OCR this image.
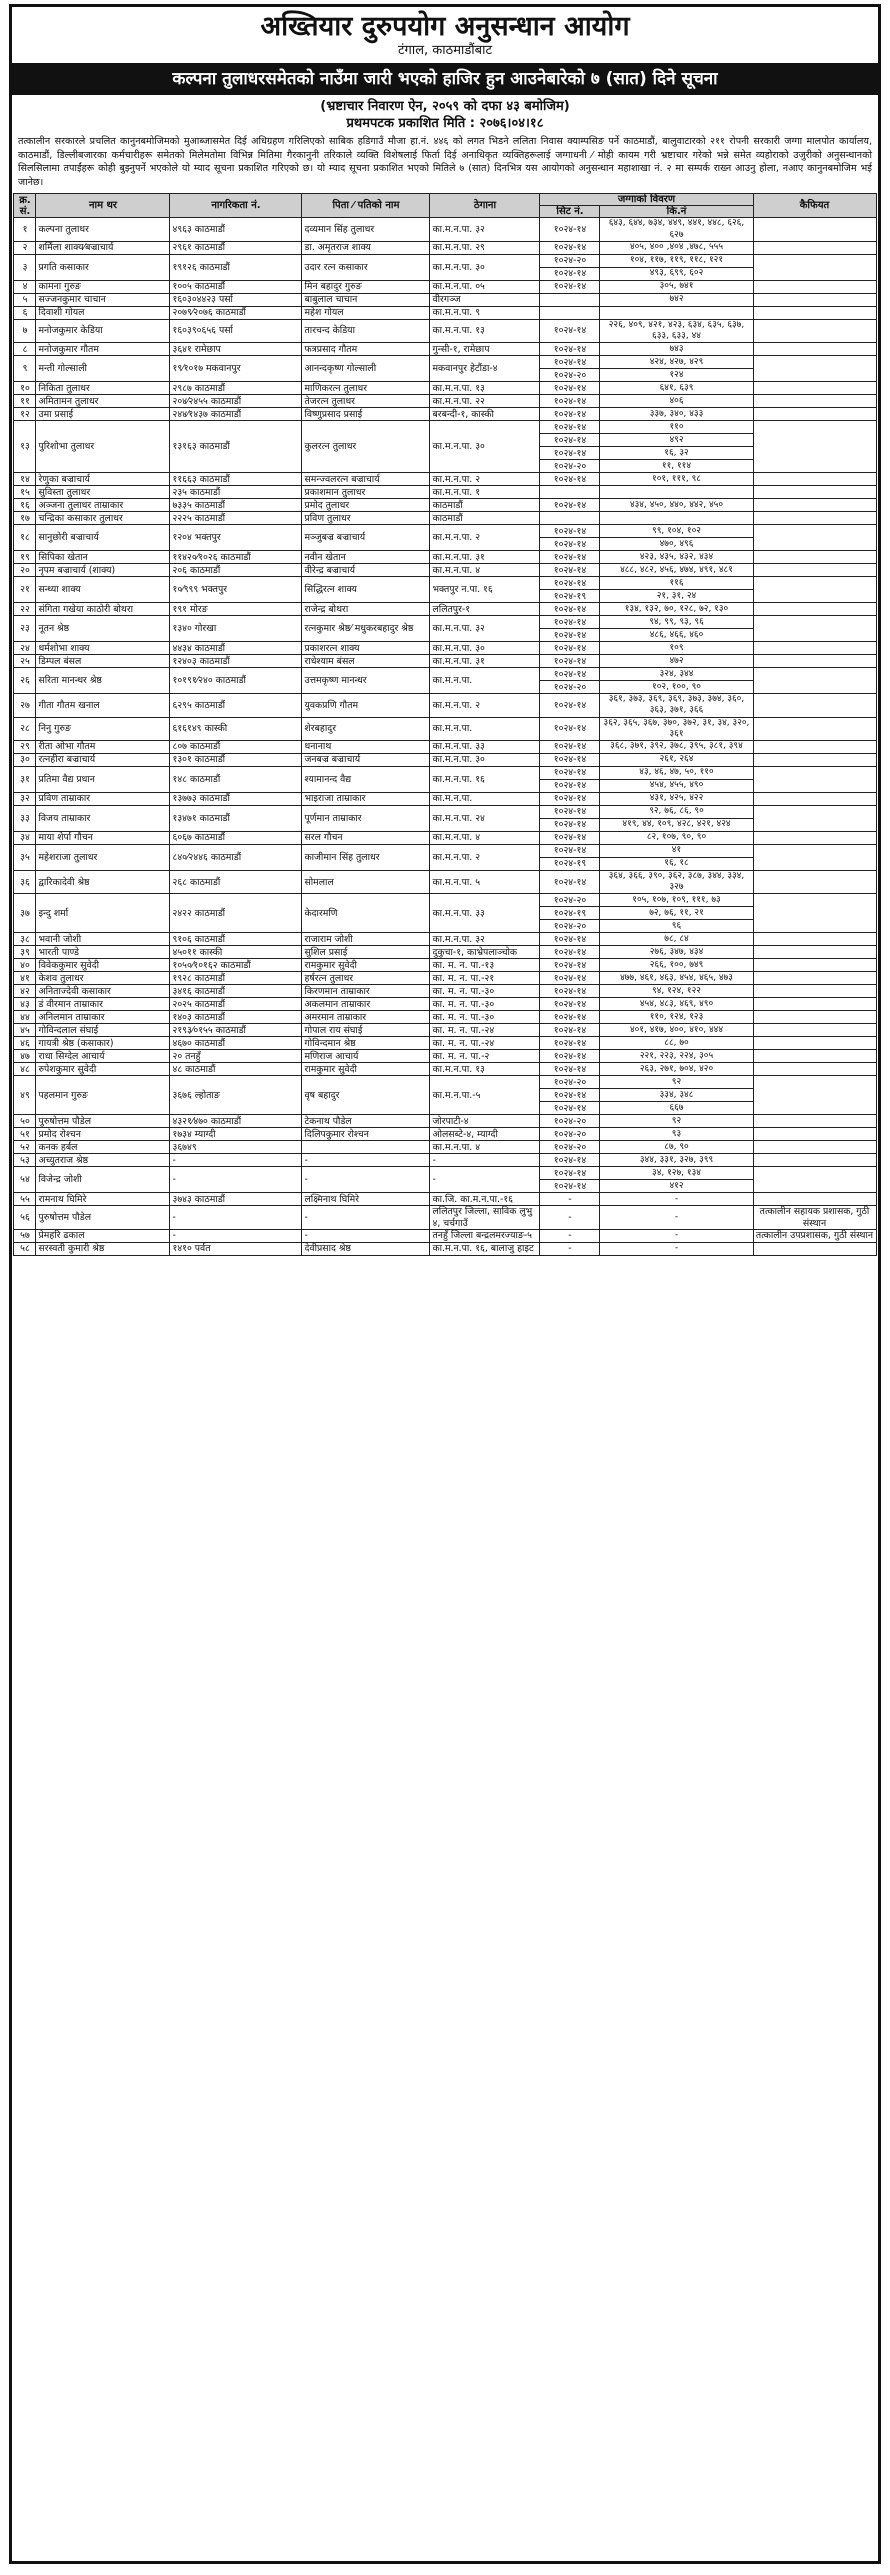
अख्तियार दुरुपयोग अनुसन्धान आयोग
टंगाल, काठमाडौंबाट
कल्पना तुलाधरसमेतको नाउँमा जारी भएको हाजिर हुन आउनेबारेको ७ (सात) दिने सूचना
(भ्रष्टाचार निवारण ऐन, २०५९ को दफा ४३ बमोजिम)
प्रथमपटक प्रकाशित मिति : २०७६।०४।१८
तत्कालीन सरकारले प्रचलित कानुनबमोजिमको मुआब्जासमेत दिई अधिग्रहण गरिलिएको साबिक हडिगाउँ मौजा हा.नं. ४४६ को लगत भिडने ललिता निवास क्याम्पसिङ पर्ने काठमाडौं, बालुवाटारको २११ रोपनी सरकारी जग्गा मालपोत कार्यालय, काठमाडौं, डिल्लीबजारका कर्मचारीहरू समेतको मिलेमतोमा विभिन्न मितिमा गैरकानुनी तरिकाले व्यक्ति विशेषलाई फिर्ता दिई अनाधिकृत व्यक्तिहरूलाई जग्गाधनी ⁄ मोही कायम गरी भ्रष्टाचार गरेको भन्ने समेत व्यहोराको उजुरीको अनुसन्धानको सिलसिलामा तपाईंहरू कोही बुझ्नुपर्ने भएकोले यो म्याद सूचना प्रकाशित गरिएको छ। यो म्याद सूचना प्रकाशित भएको मितिले ७ (सात) दिनभित्र यस आयोगको अनुसन्धान महाशाखा नं. २ मा सम्पर्क राख्न आउनु होला, नआए कानुनबमोजिम भई जानेछ।
क्र. सं.	नाम थर	नागरिकता नं.	पिता ⁄ पतिको नाम	ठेगाना	जग्गाको विवरण		कैफियत
					सिट नं.	कि.नं	
१	कल्पना तुलाधर	४९६३ काठमाडौं	दव्यमान सिंह तुलाधर	का.म.न.पा. ३२	१०२४-१४	६४३, ६४४, ७३४, ४४९, ४४१, ४४८, ६२६, ६२७	
२	शर्मिला शाक्य⁄बज्राचार्य	२९६१ काठमाडौं	डा. अमृतराज शाक्य	का.म.न.पा. २९	१०२४-१४	४०५, ४०० ,४०४ ,४७८, ५५५	
३	प्रगति कसाकार	१९१२६ काठमाडौं	उदार रत्न कसाकार	का.म.न.पा. ३०	१०२४-२०	१०४, ११७, ११९, ११८, १२१	
					१०२४-१४	४९३, ६९९, ६०२	
४	कामना गुरुङ	१००५ काठमाडौं	मिन बहादुर गुरुङ	का.म.न.पा. ०५	१०२४-१४	३०५, ७४१	
५	सज्जनकुमार चाचान	१६०३०४४२३ पर्सा	बाबुलाल चाचान	वीरगञ्ज		७४२	
६	दिवाशी गोयल	२०७९⁄२०७६ काठमाडौं	महेश गोयल	का.म.न.पा. ९			
७	मनोजकुमार केडिया	१६०३९०६५६ पर्सा	तारचन्द केडिया	का.म.न.पा. १३	१०२४-१४	२२६, ४०९, ४२१, ४२३, ६३४, ६३५, ६३७, ६३३, ६३३, ४४	
८	मनोजकुमार गौतम	३६४१ रामेछाप	फत्रप्रसाद गौतम	गुन्सी-१, रामेछाप	१०२४-१४	७४३	
९	मन्ती गोल्साली	१९⁄१०१७ मकवानपुर	आनन्दकृष्ण गोल्साली	मकवानपुर हेटौंडा-४	१०२४-१४	४२४, ४२७, ४२९	
					१०२४-२०	१२४	
१०	निकिता तुलाधर	२९८७ काठमाडौं	माणिकरत्न तुलाधर	का.म.न.पा. १३	१०२४-१४	६४१, ६३९	
११	अमितामन तुलाधर	२०४⁄२४५५ काठमाडौं	तेजरत्न तुलाधर	का.म.न.पा. २२	१०२४-१४	४०६	
१२	उमा प्रसाई	२४४⁄१४३७ काठमाडौं	विष्णुप्रसाद प्रसाई	बरबन्दी-१, कास्की	१०२४-१४	३३७, ३४०, ४३३	
१३	पुरिशोभा तुलाधर	१३१६३ काठमाडौं	कुलरत्न तुलाधर	का.म.न.पा. ३०	१०२४-१४	११०	
					१०२४-१४	४९२	
					१०२४-१४	१६, ३२	
					१०२४-२०	११, ११४	
१४	रेणुका बज्राचार्य	११६६३ काठमाडौं	समन्ज्वलरत्न बज्राचार्य	का.म.न.पा. २	१०२४-१४	१०१, १११, ९८	
१५	सुविस्ता तुलाधर	२३५ काठमाडौं	प्रकाशमान तुलाधर	का.म.न.पा. १			
१६	अञ्जना तुलाधर ताम्राकार	७३३५ काठमाडौं	प्रमोद तुलाधर	काठमाडौं	१०२४-१४	४३४, ४५०, ४४०, ४४२, ४५०	
१७	चन्द्रिका कसाकार तुलाधर	२२२५ काठमाडौं	प्रविण तुलाधर	काठमाडौं			
१८	सानुछोरी बज्राचार्य	१२०४ भक्तपुर	मञ्जुबज्र बज्राचार्य	का.म.न.पा. २	१०२४-१४	९९, १०४, १०२	
					१०२४-१४	४७०, ४९६	
१९	सिपिका खेतान	११४२०⁄१०२६ काठमाडौं	नवीन खेतान	का.म.न.पा. ३१	१०२४-१४	४२३, ४३५, ४३२, ४३४	
२०	नृपम बज्राचार्य (शाक्य)	२०६ काठमाडौं	वीरेन्द्र बज्राचार्य	का.म.न.पा. ४	१०२४-१४	४८८, ४८२, ४५६, ४७४, ४९१, ४८१	
२१	सन्ध्या शाक्य	१०⁄९९९ भक्तपुर	सिद्धिरत्न शाक्य	भक्तपुर न.पा. १६	१०२४-१४	११६	
					१०२४-१९	२१, ३१, २४	
२२	संगिता गखेया काठोरी बोथरा	१९१ मोरङ	राजेन्द्र बोथरा	ललितपुर-१	१०२४-१४	१३४, १३२, ७०, १२८, ७२, १३०	
२३	नूतन श्रेष्ठ	१३४० गोरखा	रत्नकुमार श्रेष्ठ⁄ मधुकरबहादुर श्रेष्ठ	का.म.न.पा. ३२	१०२४-१४	९४, ९९, ९३, ९६	
					१०२४-१४	४८६, ४६६, ४६०	
२४	धर्मशोभा शाक्य	४४३४ काठमाडौं	प्रकाशरत्न शाक्य	का.म.न.पा. ३०	१०२४-१४	१०९	
२५	डिम्पल बंसल	१२४०३ काठमाडौं	राधेश्याम बंसल	का.म.न.पा. ३१	१०२४-१४	४७२	
२६	सरिता मानन्धर श्रेष्ठ	१०१९१⁄२४० काठमाडौं	उत्तमकृष्ण मानन्धर	का.म.न.पा.	१०२४-१४	३२४, ३४४	
					१०२४-२०	१०२, १००, ९०	
२७	गीता गौतम खनाल	६२९५ काठमाडौं	युवकप्रणि गौतम	का.म.न.पा. २	१०२४-१४	३६१, ३७३, ३६९, ३६९, ३७३, ३७४, ३६०, ३६३, ३७१, ३६६	
२८	निनु गुरुङ	६१६१४९ कास्की	शेरबहादुर	का.म.न.पा.	१०२४-१४	३६२, ३६५, ३६७, ३७०, ३७२, ३१, ३४, ३२०, ३६१	
२९	रीता ओभा गौतम	८०७ काठमाडौं	धनानाथ	का.म.न.पा. ३३	१०२४-१४	३६८, ३७१, ३९२, ३७८, ३९५, ३८१, ३९४	
३०	रत्नहीरा बज्राचार्य	१३०१ काठमाडौं	जनबज्र बज्राचार्य	का.म.न.पा. ३०	१०२४-१४	२६१, २६४	
३१	प्रतिमा वैद्य प्रधान	१४८ काठमाडौं	श्यामानन्द वैद्य	का.म.न.पा. १६	१०२४-१४	४३, ४६, ४७, ५०, ११०	
					१०२४-१४	४५४, ४५५, ४९०	
३२	प्रविण ताम्राकार	१३७७३ काठमाडौं	भाइराजा ताम्राकार	का.म.न.पा.	१०२४-१४	४३१, ४२५, ४२२	
३३	विजय ताम्राकार	१३४७१ काठमाडौं	पूर्णमान ताम्राकार	का.म.न.पा. २४	१०२४-१४	९२, ७६, ८६, ९०	
					१०२४-१४	४१९, ४४, १०९, ४२८, ४२१, ४२४	
३४	माया शेर्पा गौचन	६०६७ काठमाडौं	सरल गौचन	का.म.न.पा. ४	१०२४-१४	८२, १०७, ९०, ९०	
३५	महेशराजा तुलाधर	८४०⁄२४४६ काठमाडौं	काजीमान सिंह तुलाधर	का.म.न.पा. २	१०२४-१४	४१	
					१०२४-१९	१६, १८	
३६	द्वारिकादेवी श्रेष्ठ	२६८ काठमाडौं	सोमलाल	का.म.न.पा. ५	१०२४-१४	३६४, ३६६, ३९०, ३६२, ३८७, ३४४, ३३४, ३२७	
३७	इन्दु शर्मा	२४२२ काठमाडौं	केदारमणि	का.म.न.पा. ३३	१०२४-२०	१०५, १०७, १०९, १११, ७३	
					१०२४-१९	७२, ७६, ११, २१	
					१०२४-२०	९६	
३८	भवानी जोशी	९१०६ काठमाडौं	राजाराम जोशी	का.म.न.पा. ३२	१०२४-१४	७८, ८४	
३९	भारती पाण्डे	४५०११ कास्की	सुशिल प्रसाई	दुकुचा-१, काभ्रेपलाञ्चोक	१०२४-१४	२७६, ३४७, ४३४	
४०	विवेककुमार सुवेदी	१०५०⁄१०१६२ काठमाडौं	रामकुमार सुवेदी	का. म. न. पा.-१३	१०२४-१४	२६६, १००, ७४९	
४१	केशव तुलाधर	१९२८ काठमाडौं	हर्षरत्न तुलाधर	का. म. न. पा.-२१	१०२४-१४	४७७, ४६१, ४६३, ४५४, ४६५, ४७३	
४२	अनिताज्देवी कसाकार	३४१६ काठमाडौं	किरणमान ताम्राकार	का. म. न. पा.-३०	१०२४-१४	९४, १२४, १२२	
४३	डं वीरमान ताम्राकार	२०२५ काठमाडौं	अकलमान ताम्राकार	का. म. न. पा.-३०	१०२४-१४	४५४, ४८३, ४६९, ४९०	
४४	अनिलमान ताम्राकार	१४०३ काठमाडौं	अमरमान ताम्राकार	का. म. न. पा.-३०	१०२४-१४	११०, १२४, १२३	
४५	गोविन्दलाल संघाई	२१९३⁄०१५५ काठमाडौं	गोपाल राय संघाई	का. म. न. पा.-२४	१०२४-१४	४०१, ४१७, ४००, ४१०, ४४४	
४६	गायत्री श्रेष्ठ (कसाकार)	४६७० काठमाडौं	गोविन्दमान श्रेष्ठ	का. म. न. पा.-२४	१०२४-१४	८८, ७०	
४७	राधा सिग्देल आचार्य	२० तनहुँ	मणिराज आचार्य	का. म. न. पा.-२	१०२४-१४	२२१, २२३, २२४, ३०५	
४८	रुपेशकुमार सुवेदी	४८ काठमाडौं	रामकुमार सुवेदी	का.म.न.पा. १३	१०२४-१४	२६३, २७१, ७०४, ४२०	
४९	पहलमान गुरुङ	३६७६ ल्होताङ	वृष बहादुर	का.म.न.पा.-५	१०२४-२०	९२	
					१०२४-१४	३३४, ३४८	
					१०२४-१४	६६७	
५०	पुरुषोत्तम पौडेल	४३२१⁄४७० काठमाडौं	टेकनाथ पौडेल	जोरपाटी-४	१०२४-२०	९२	
५१	प्रमोद रोश्चन	१७३४ म्याग्दी	दिलिपकुमार रोश्चन	ओलसब्टे-४, म्याग्दी	१०२४-२०	९३	
५२	कनक हर्बल	३६७४९		का.म.न.पा. ४	१०२४-२०	८७, ९०	
५३	अच्युतराज श्रेष्ठ	-	-	-	१०२४-१४	३४४, ३३१, ३२७, ३९९	
५४	विजेन्द्र जोशी	-	-	-	१०२४-१४	३४, १२७, १३४	
					१०२४-१४	४१२	
५५	रामनाथ घिमिरे	३७४३ काठमाडौं	लक्ष्मिनाथ घिमिरे	का.जि. का.म.न.पा.-१६	-	-	
५६	पुरुषोत्तम पौडेल	-	-	ललितपुर जिल्ला, साविक लुभु ४, चर्चगाउँ	-	-	तत्कालीन सहायक प्रशासक, गुठी संस्थान
५७	प्रेमहरि ढकाल	-	-	तनहुँ जिल्ला बन्द्रलमरज्याङ-५	-	-	तत्कालीन उपप्रशासक, गुठी संस्थान
५८	सरस्वती कुमारी श्रेष्ठ	१४१० पर्वत	देवीप्रसाद श्रेष्ठ	का.म.न.पा. १६, बालाजु हाइट	-	-	
